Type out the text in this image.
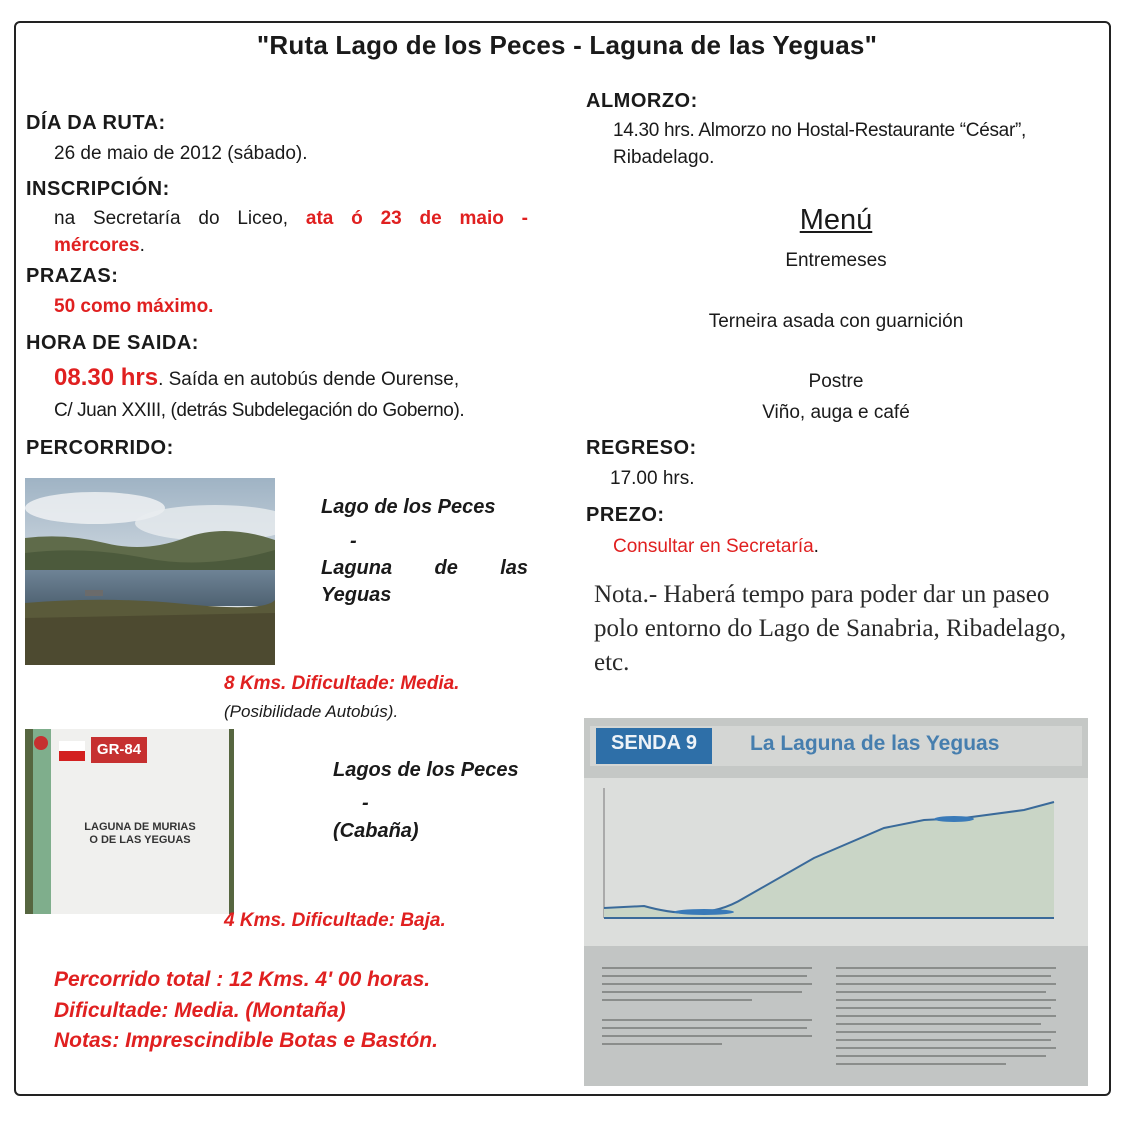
"Ruta Lago de los Peces - Laguna de las Yeguas"
DÍA DA RUTA:
26 de maio de 2012 (sábado).
INSCRIPCIÓN:
na Secretaría do Liceo, ata ó 23 de maio -
mércores.
PRAZAS:
50 como máximo.
HORA DE SAIDA:
08.30 hrs. Saída en autobús dende Ourense,
C/ Juan XXIII, (detrás Subdelegación do Goberno).
PERCORRIDO:
Lago de los Peces
-
Laguna de las
Yeguas
8 Kms. Dificultade: Media.
(Posibilidade Autobús).
GR-84
LAGUNA DE MURIAS
O DE LAS YEGUAS
Lagos de los Peces
-
(Cabaña)
4 Kms. Dificultade: Baja.
Percorrido total : 12 Kms. 4' 00 horas.
Dificultade: Media. (Montaña)
Notas: Imprescindible Botas e Bastón.
ALMORZO:
14.30 hrs. Almorzo no Hostal-Restaurante “César”,
Ribadelago.
Menú
Entremeses
Terneira asada con guarnición
Postre
Viño, auga e café
REGRESO:
17.00 hrs.
PREZO:
Consultar en Secretaría.
Nota.- Haberá tempo para poder dar un paseo polo entorno do Lago de Sanabria, Ribadelago, etc.
SENDA 9	La Laguna de las Yeguas
